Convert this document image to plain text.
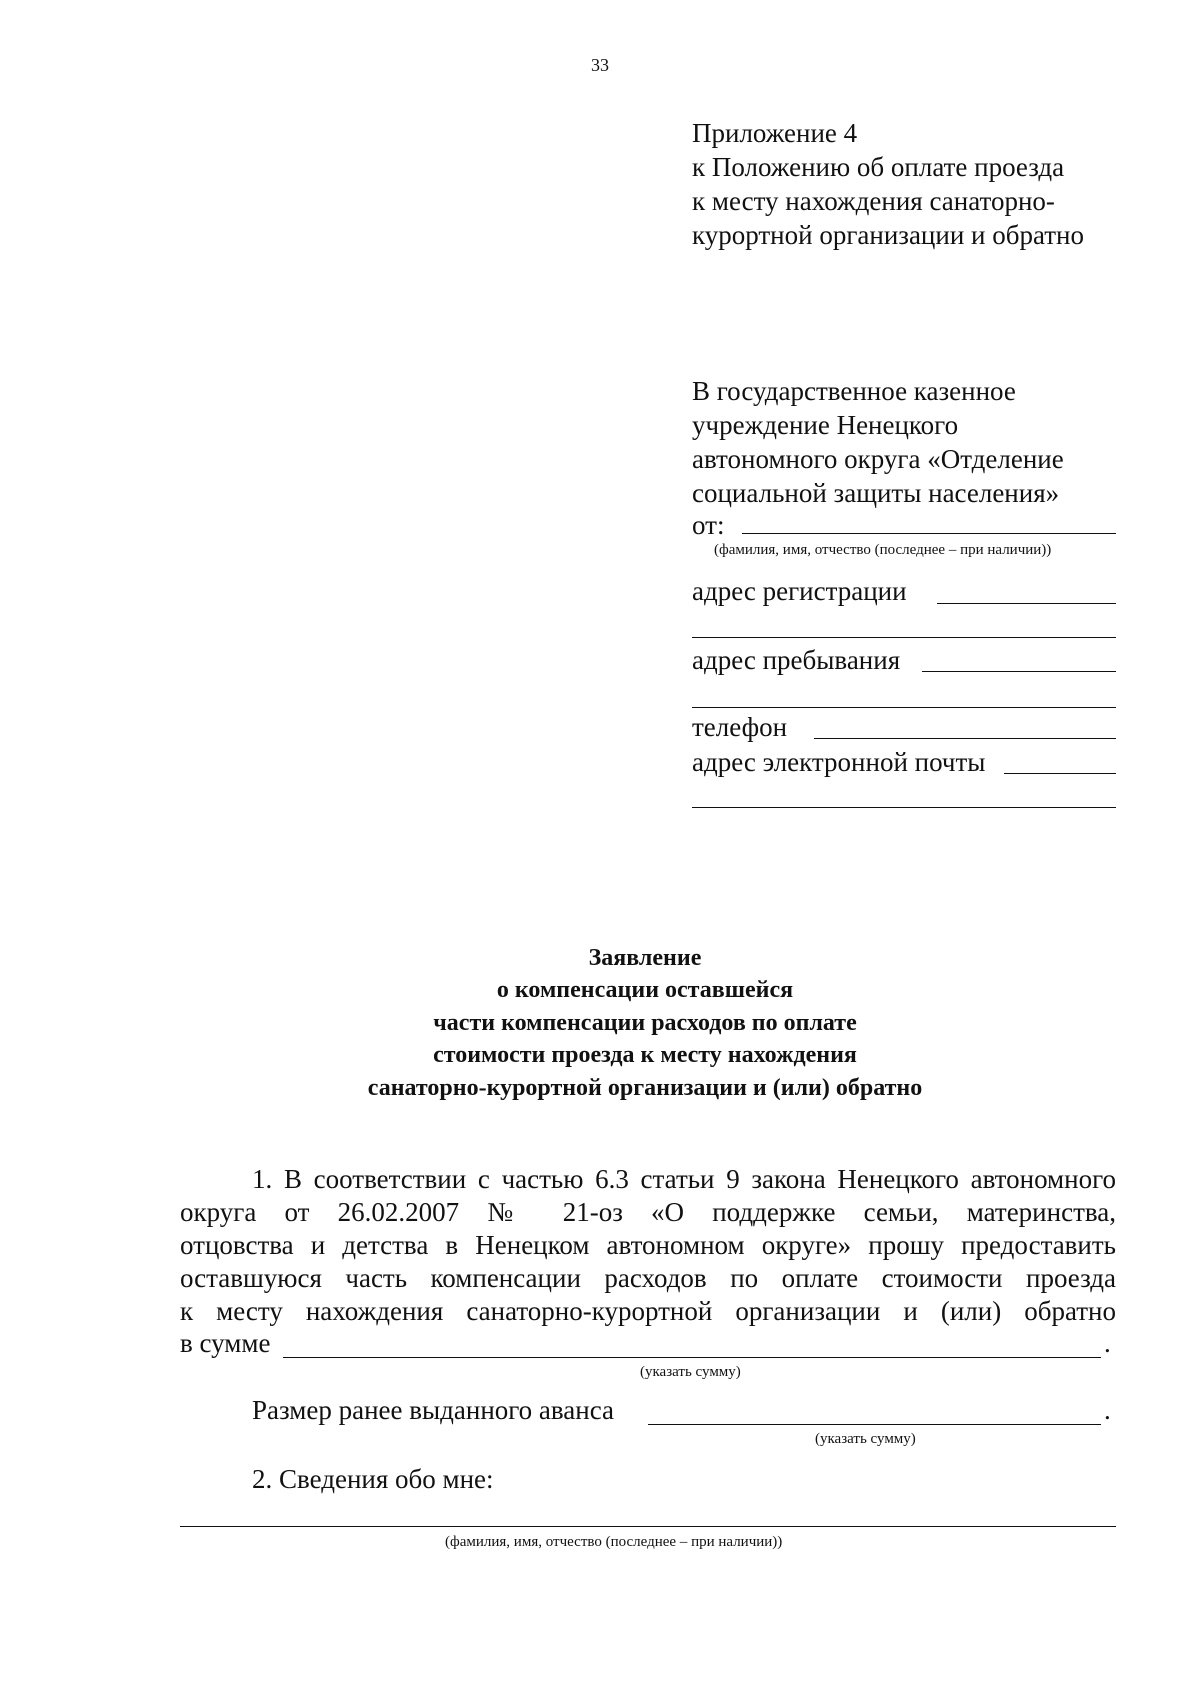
33
Приложение 4
к Положению об оплате проезда
к месту нахождения санаторно-
курортной организации и обратно
В государственное казенное
учреждение Ненецкого
автономного округа «Отделение
социальной защиты населения»
от:
(фамилия, имя, отчество (последнее – при наличии))
адрес регистрации
адрес пребывания
телефон
адрес электронной почты
Заявление
о компенсации оставшейся
части компенсации расходов по оплате
стоимости проезда к месту нахождения
санаторно-курортной организации и (или) обратно
1. В соответствии с частью 6.3 статьи 9 закона Ненецкого автономного
округа от 26.02.2007 № 21-оз «О поддержке семьи, материнства,
отцовства и детства в Ненецком автономном округе» прошу предоставить
оставшуюся часть компенсации расходов по оплате стоимости проезда
к месту нахождения санаторно-курортной организации и (или) обратно
в сумме	.
(указать сумму)
Размер ранее выданного аванса	.
(указать сумму)
2. Сведения обо мне:
(фамилия, имя, отчество (последнее – при наличии))
